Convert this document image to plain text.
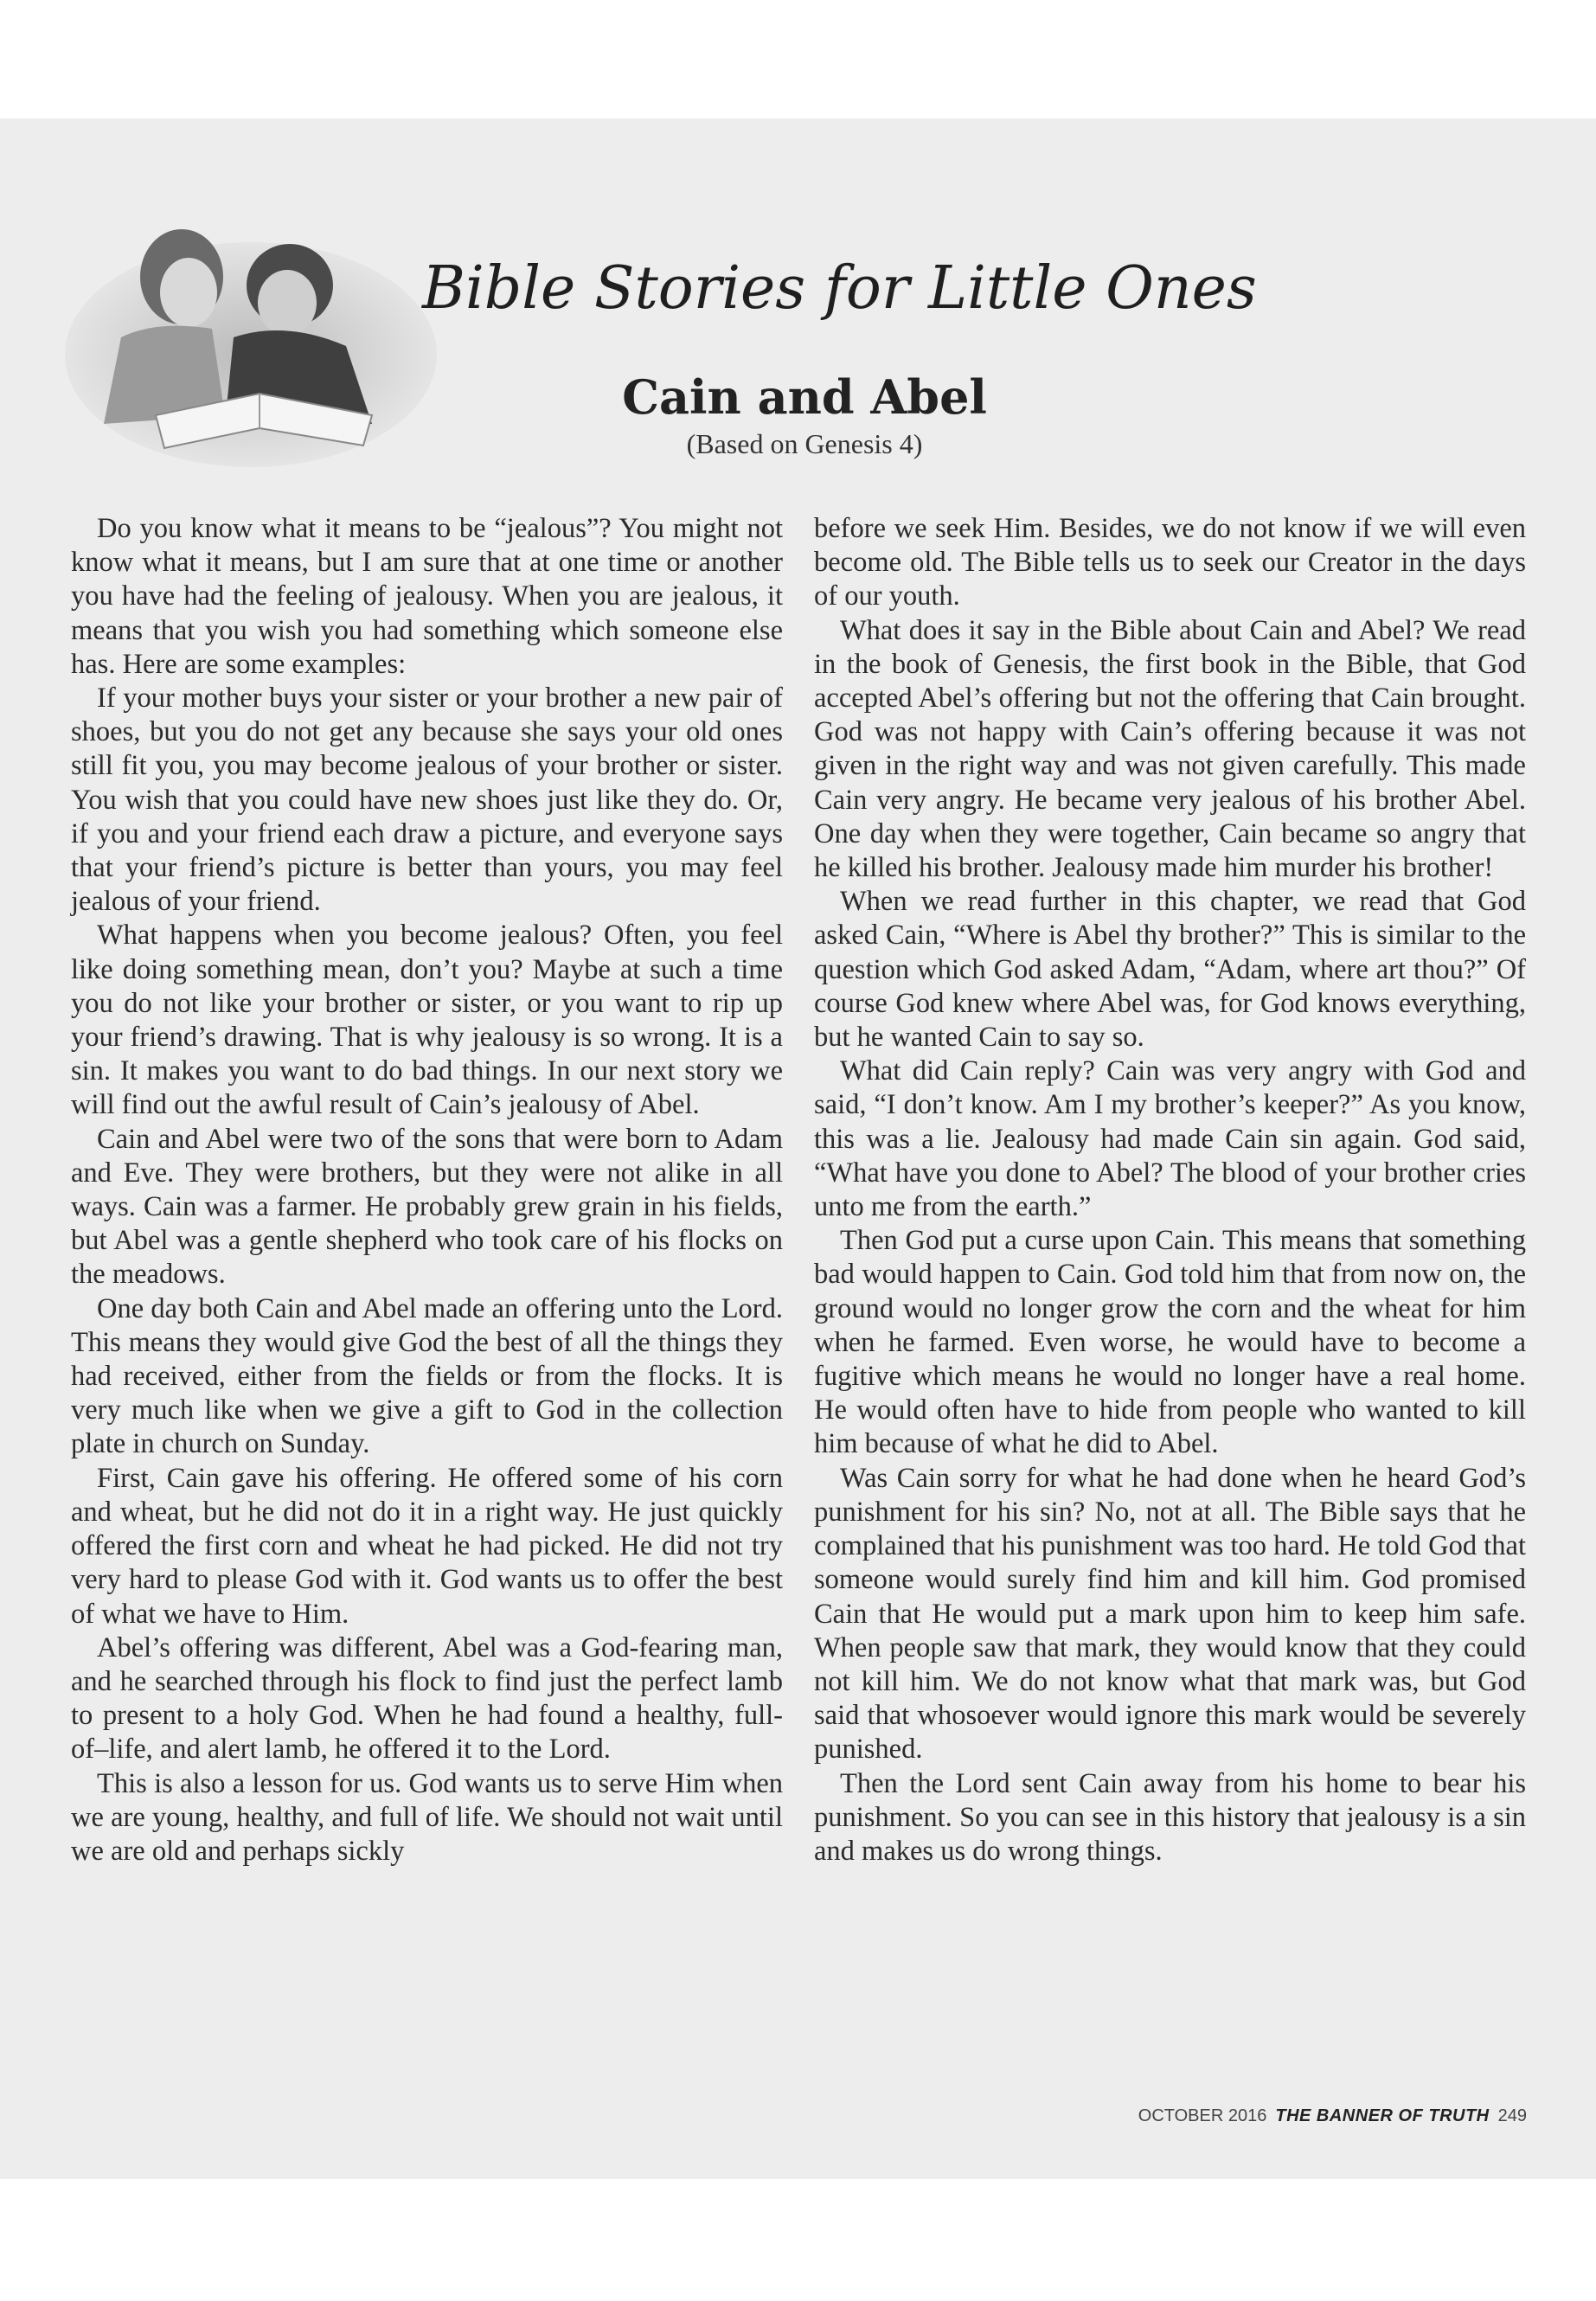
Bible Stories for Little Ones
Cain and Abel
(Based on Genesis 4)

Do you know what it means to be “jealous”? You might not know what it means, but I am sure that at one time or another you have had the feeling of jealousy. When you are jealous, it means that you wish you had something which someone else has. Here are some examples:

If your mother buys your sister or your brother a new pair of shoes, but you do not get any because she says your old ones still fit you, you may become jealous of your brother or sister. You wish that you could have new shoes just like they do. Or, if you and your friend each draw a picture, and everyone says that your friend’s picture is better than yours, you may feel jealous of your friend.

What happens when you become jealous? Often, you feel like doing something mean, don’t you? Maybe at such a time you do not like your brother or sister, or you want to rip up your friend’s drawing. That is why jealousy is so wrong. It is a sin. It makes you want to do bad things. In our next story we will find out the awful result of Cain’s jealousy of Abel.

Cain and Abel were two of the sons that were born to Adam and Eve. They were brothers, but they were not alike in all ways. Cain was a farmer. He probably grew grain in his fields, but Abel was a gentle shepherd who took care of his flocks on the meadows.

One day both Cain and Abel made an offering unto the Lord. This means they would give God the best of all the things they had received, either from the fields or from the flocks. It is very much like when we give a gift to God in the collection plate in church on Sunday.

First, Cain gave his offering. He offered some of his corn and wheat, but he did not do it in a right way. He just quickly offered the first corn and wheat he had picked. He did not try very hard to please God with it. God wants us to offer the best of what we have to Him.

Abel’s offering was different, Abel was a God-fearing man, and he searched through his flock to find just the perfect lamb to present to a holy God. When he had found a healthy, full-of–life, and alert lamb, he offered it to the Lord.

This is also a lesson for us. God wants us to serve Him when we are young, healthy, and full of life. We should not wait until we are old and perhaps sickly

before we seek Him. Besides, we do not know if we will even become old. The Bible tells us to seek our Creator in the days of our youth.

What does it say in the Bible about Cain and Abel? We read in the book of Genesis, the first book in the Bible, that God accepted Abel’s offering but not the offering that Cain brought. God was not happy with Cain’s offering because it was not given in the right way and was not given carefully. This made Cain very angry. He became very jealous of his brother Abel. One day when they were together, Cain became so angry that he killed his brother. Jealousy made him murder his brother!

When we read further in this chapter, we read that God asked Cain, “Where is Abel thy brother?” This is similar to the question which God asked Adam, “Adam, where art thou?” Of course God knew where Abel was, for God knows everything, but he wanted Cain to say so.

What did Cain reply? Cain was very angry with God and said, “I don’t know. Am I my brother’s keeper?” As you know, this was a lie. Jealousy had made Cain sin again. God said, “What have you done to Abel? The blood of your brother cries unto me from the earth.”

Then God put a curse upon Cain. This means that something bad would happen to Cain. God told him that from now on, the ground would no longer grow the corn and the wheat for him when he farmed. Even worse, he would have to become a fugitive which means he would no longer have a real home. He would often have to hide from people who wanted to kill him because of what he did to Abel.

Was Cain sorry for what he had done when he heard God’s punishment for his sin? No, not at all. The Bible says that he complained that his punishment was too hard. He told God that someone would surely find him and kill him. God promised Cain that He would put a mark upon him to keep him safe. When people saw that mark, they would know that they could not kill him. We do not know what that mark was, but God said that whosoever would ignore this mark would be severely punished.

Then the Lord sent Cain away from his home to bear his punishment. So you can see in this history that jealousy is a sin and makes us do wrong things.

OCTOBER 2016 THE BANNER OF TRUTH 249
